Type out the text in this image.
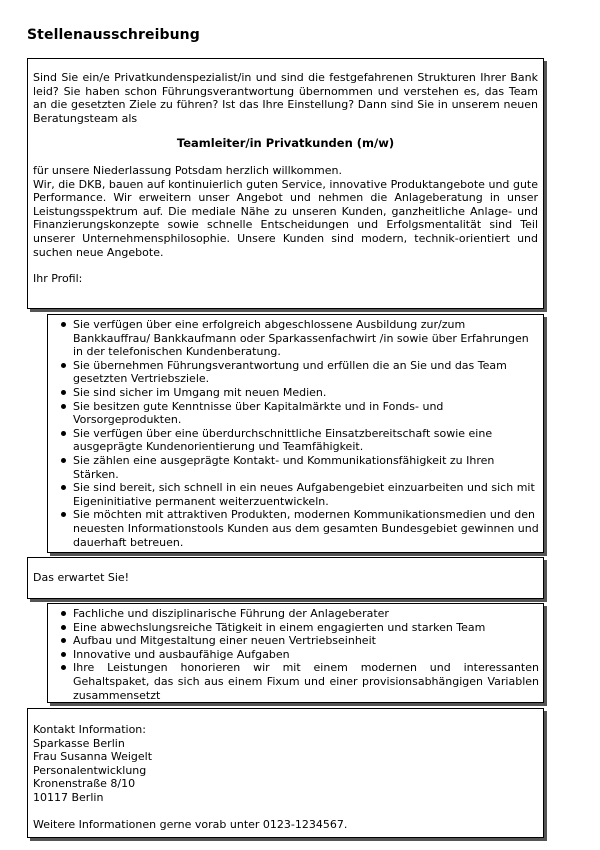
Stellenausschreibung

Sind Sie ein/e Privatkundenspezialist/in und sind die festgefahrenen Strukturen Ihrer Bank leid? Sie haben schon Führungsverantwortung übernommen und verstehen es, das Team an die gesetzten Ziele zu führen? Ist das Ihre Einstellung? Dann sind Sie in unserem neuen Beratungsteam als

Teamleiter/in Privatkunden (m/w)

für unsere Niederlassung Potsdam herzlich willkommen.

Wir, die DKB, bauen auf kontinuierlich guten Service, innovative Produktangebote und gute Performance. Wir erweitern unser Angebot und nehmen die Anlageberatung in unser Leistungsspektrum auf. Die mediale Nähe zu unseren Kunden, ganzheitliche Anlage- und Finanzierungskonzepte sowie schnelle Entscheidungen und Erfolgsmentalität sind Teil unserer Unternehmensphilosophie. Unsere Kunden sind modern, technik-orientiert und suchen neue Angebote.

Ihr Profil:

Sie verfügen über eine erfolgreich abgeschlossene Ausbildung zur/zum Bankkauffrau/ Bankkaufmann oder Sparkassenfachwirt /in sowie über Erfahrungen in der telefonischen Kundenberatung.
Sie übernehmen Führungsverantwortung und erfüllen die an Sie und das Team gesetzten Vertriebsziele.
Sie sind sicher im Umgang mit neuen Medien.
Sie besitzen gute Kenntnisse über Kapitalmärkte und in Fonds- und Vorsorgeprodukten.
Sie verfügen über eine überdurchschnittliche Einsatzbereitschaft sowie eine ausgeprägte Kundenorientierung und Teamfähigkeit.
Sie zählen eine ausgeprägte Kontakt- und Kommunikationsfähigkeit zu Ihren Stärken.
Sie sind bereit, sich schnell in ein neues Aufgabengebiet einzuarbeiten und sich mit Eigeninitiative permanent weiterzuentwickeln.
Sie möchten mit attraktiven Produkten, modernen Kommunikationsmedien und den neuesten Informationstools Kunden aus dem gesamten Bundesgebiet gewinnen und dauerhaft betreuen.
Das erwartet Sie!
Fachliche und disziplinarische Führung der Anlageberater
Eine abwechslungsreiche Tätigkeit in einem engagierten und starken Team
Aufbau und Mitgestaltung einer neuen Vertriebseinheit
Innovative und ausbaufähige Aufgaben
Ihre Leistungen honorieren wir mit einem modernen und interessanten Gehaltspaket, das sich aus einem Fixum und einer provisionsabhängigen Variablen zusammensetzt
Kontakt Information:
Sparkasse Berlin
Frau Susanna Weigelt
Personalentwicklung
Kronenstraße 8/10
10117 Berlin
Weitere Informationen gerne vorab unter 0123-1234567.
